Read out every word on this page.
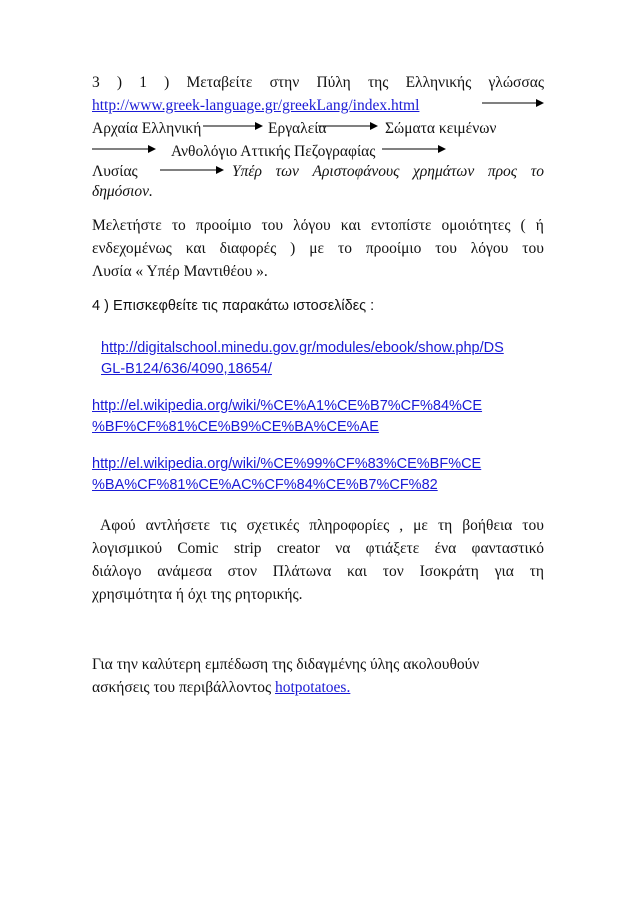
3 ) 1 ) Μεταβείτε στην Πύλη της Ελληνικής γλώσσας
http://www.greek-language.gr/greekLang/index.html
Αρχαία Ελληνική	Εργαλεία	Σώματα κειμένων
Ανθολόγιο Αττικής Πεζογραφίας
Λυσίας	Υπέρ των Αριστοφάνους χρημάτων προς το
δημόσιον.
Μελετήστε το προοίμιο του λόγου και εντοπίστε ομοιότητες ( ή
ενδεχομένως και διαφορές ) με το προοίμιο του λόγου του
Λυσία « Υπέρ Μαντιθέου ».
4 ) Επισκεφθείτε τις παρακάτω ιστοσελίδες :
http://digitalschool.minedu.gov.gr/modules/ebook/show.php/DS
GL-B124/636/4090,18654/
http://el.wikipedia.org/wiki/%CE%A1%CE%B7%CF%84%CE
%BF%CF%81%CE%B9%CE%BA%CE%AE
http://el.wikipedia.org/wiki/%CE%99%CF%83%CE%BF%CE
%BA%CF%81%CE%AC%CF%84%CE%B7%CF%82
Αφού αντλήσετε τις σχετικές πληροφορίες , με τη βοήθεια του
λογισμικού Comic strip creator να φτιάξετε ένα φανταστικό
διάλογο ανάμεσα στον Πλάτωνα και τον Ισοκράτη για τη
χρησιμότητα ή όχι της ρητορικής.
Για την καλύτερη εμπέδωση της διδαγμένης ύλης ακολουθούν
ασκήσεις του περιβάλλοντος hotpotatoes.
